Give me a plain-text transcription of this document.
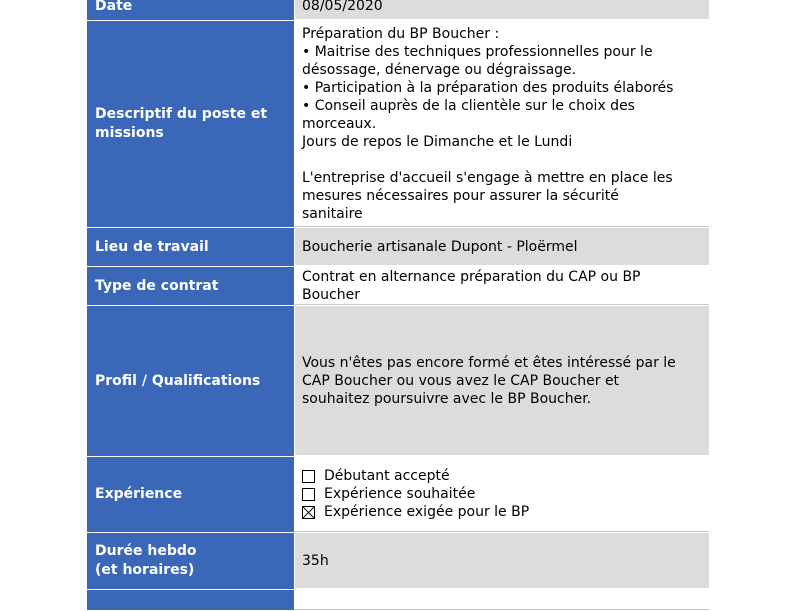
Date	08/05/2020
Descriptif du poste et
missions
Préparation du BP Boucher :
• Maitrise des techniques professionnelles pour le
désossage, dénervage ou dégraissage.
• Participation à la préparation des produits élaborés
• Conseil auprès de la clientèle sur le choix des
morceaux.
Jours de repos le Dimanche et le Lundi
L'entreprise d'accueil s'engage à mettre en place les
mesures nécessaires pour assurer la sécurité
sanitaire
Lieu de travail	Boucherie artisanale Dupont - Ploërmel
Type de contrat
Contrat en alternance préparation du CAP ou BP
Boucher
Profil / Qualifications
Vous n'êtes pas encore formé et êtes intéressé par le
CAP Boucher ou vous avez le CAP Boucher et
souhaitez poursuivre avec le BP Boucher.
Expérience
Débutant accepté
Expérience souhaitée
Expérience exigée pour le BP
Durée hebdo
(et horaires)
35h
